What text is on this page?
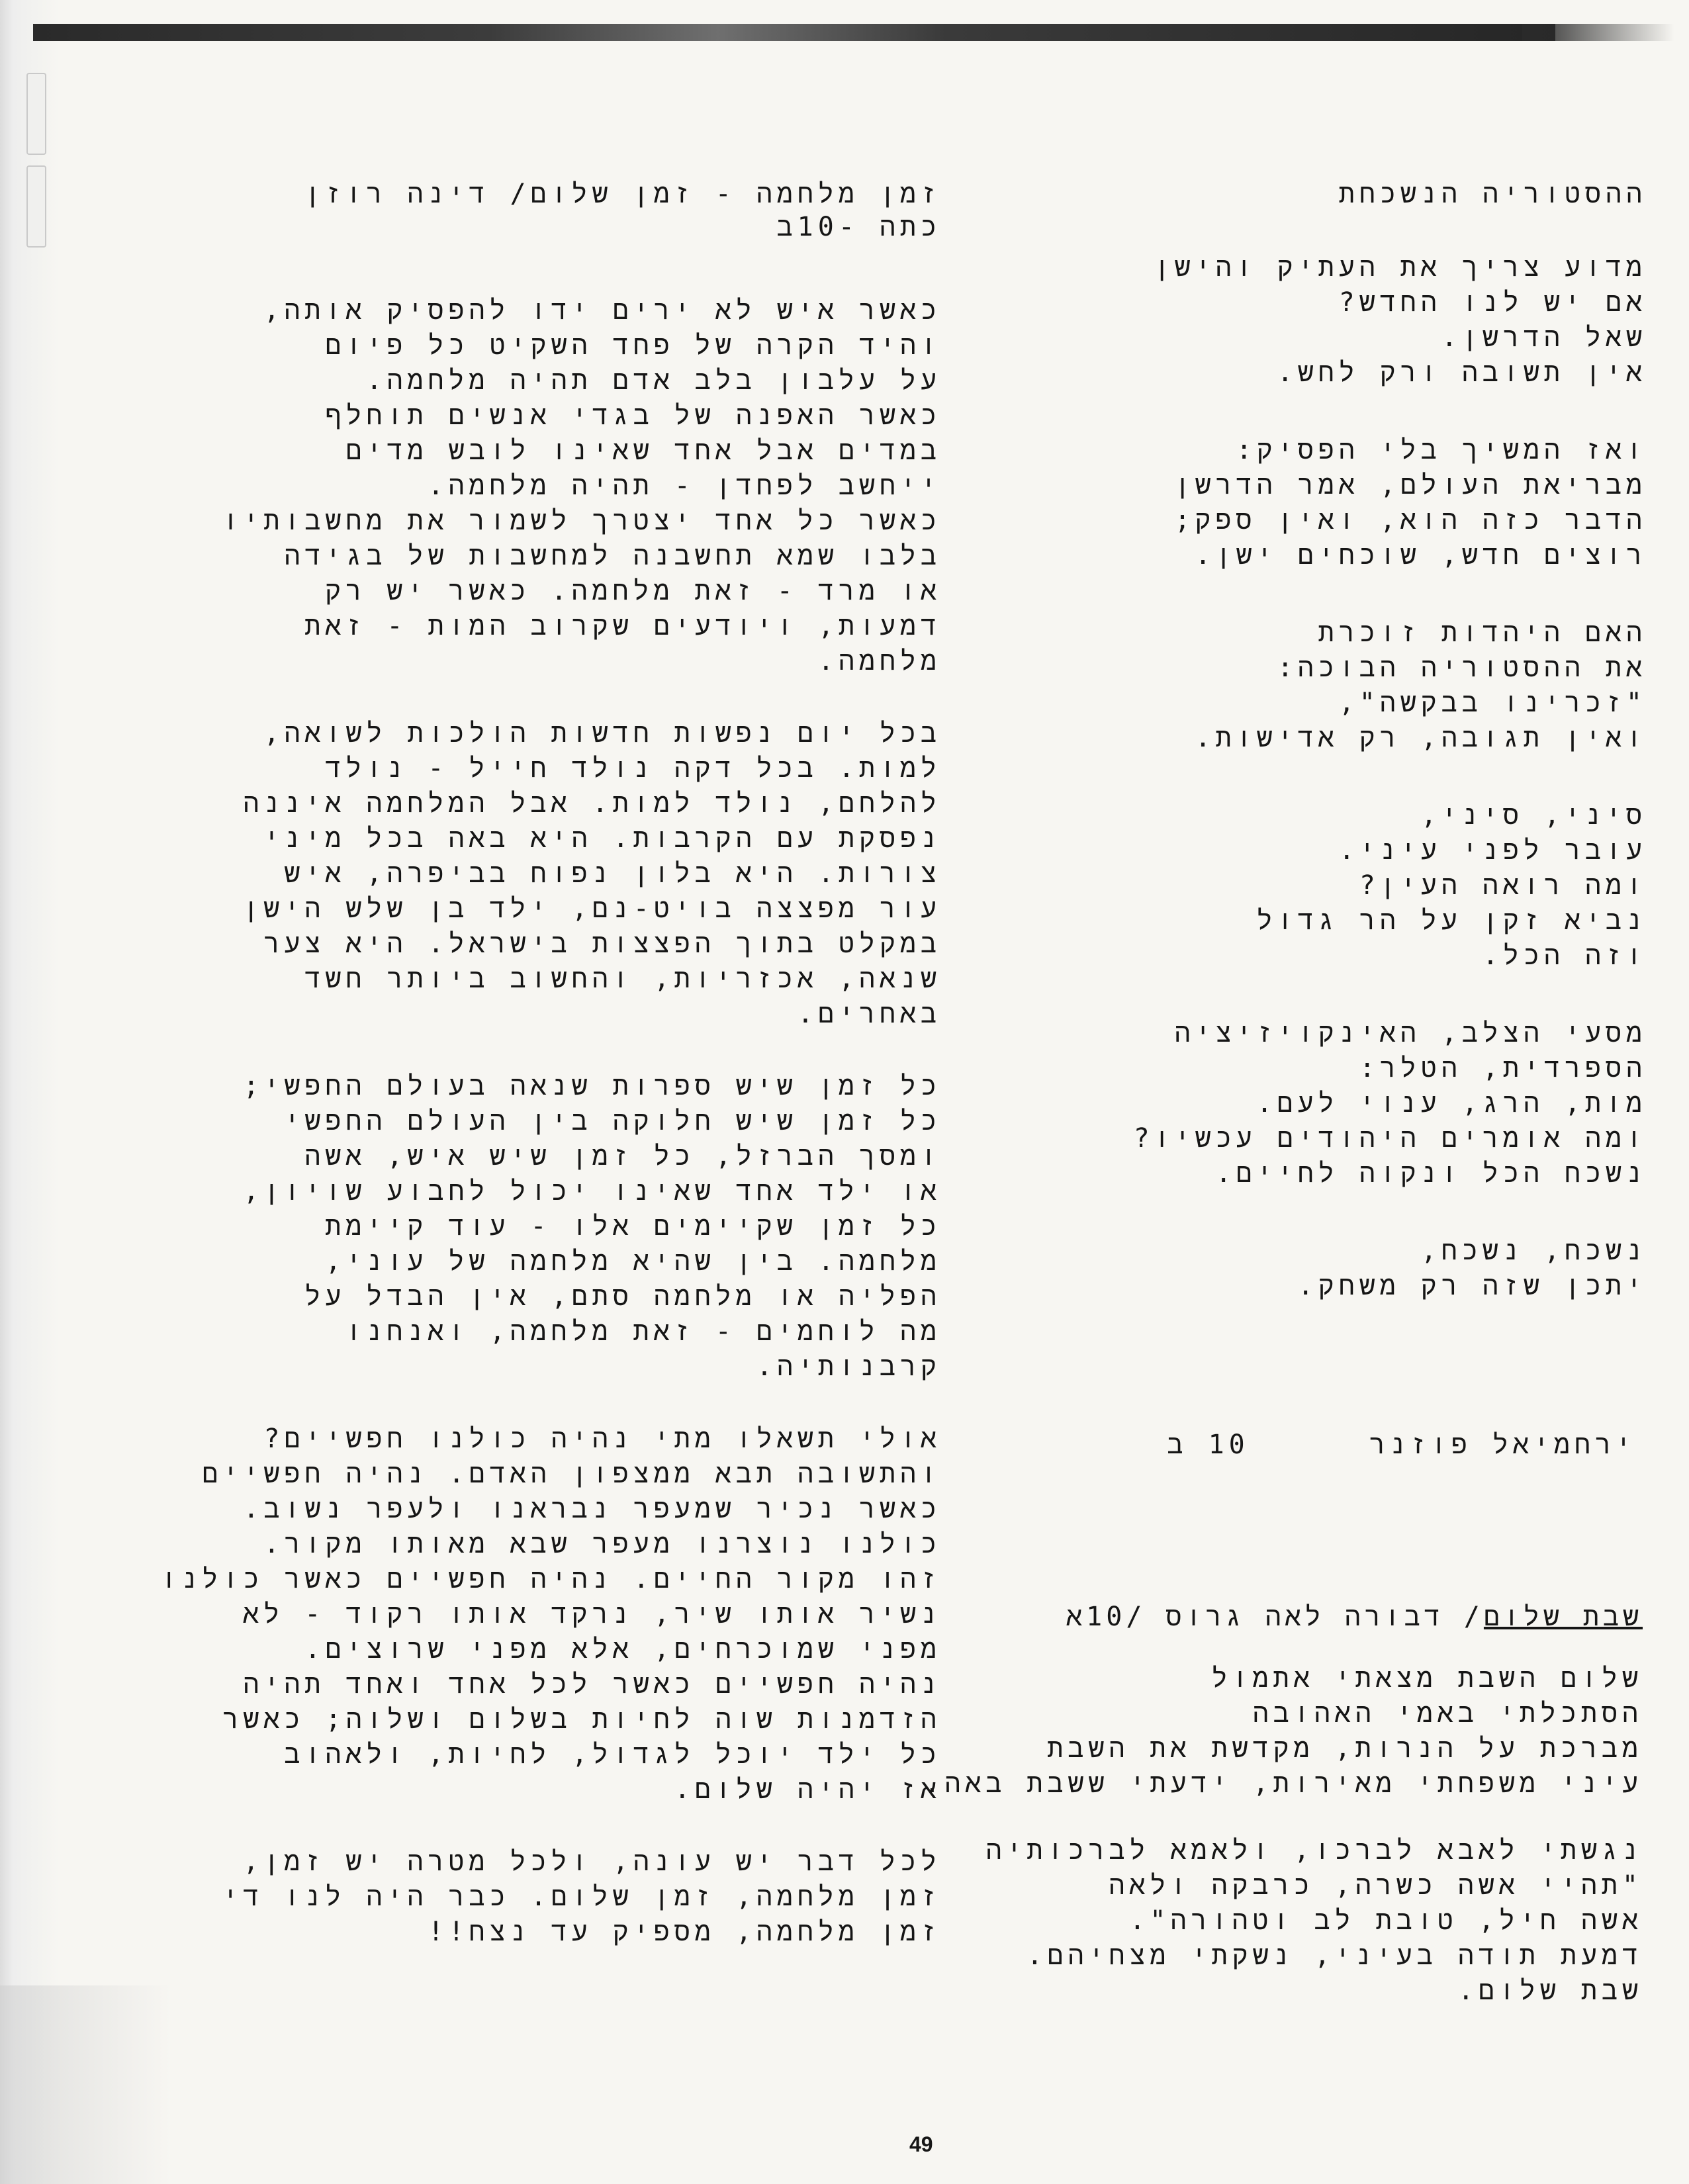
ההסטוריה הנשכחת

מדוע צריך את העתיק והישן

אם יש לנו החדש?

שאל הדרשן.

אין תשובה ורק לחש.

ואז המשיך בלי הפסיק:

מבריאת העולם, אמר הדרשן

הדבר כזה הוא, ואין ספק;

רוצים חדש, שוכחים ישן.

האם היהדות זוכרת

את ההסטוריה הבוכה:

"זכרינו בבקשה",

ואין תגובה, רק אדישות.

סיני, סיני,

עובר לפני עיני.

ומה רואה העין?

נביא זקן על הר גדול

וזה הכל.

מסעי הצלב, האינקויזיציה

הספרדית, הטלר:

מות, הרג, ענוי לעם.

ומה אומרים היהודים עכשיו?

נשכח הכל ונקוה לחיים.

נשכח, נשכח,

יתכן שזה רק משחק.

ירחמיאל פוזנר 10 ב
שבת שלום/ דבורה לאה גרוס /10א

שלום השבת מצאתי אתמול

הסתכלתי באמי האהובה

מברכת על הנרות, מקדשת את השבת

עיני משפחתי מאירות, ידעתי ששבת באה.

נגשתי לאבא לברכו, ולאמא לברכותיה

"תהיי אשה כשרה, כרבקה ולאה

אשה חיל, טובת לב וטהורה".

דמעת תודה בעיני, נשקתי מצחיהם.

שבת שלום.

זמן מלחמה - זמן שלום/ דינה רוזן

כתה -10ב

כאשר איש לא ירים ידו להפסיק אותה,

והיד הקרה של פחד השקיט כל פיום

על עלבון בלב אדם תהיה מלחמה.

כאשר האפנה של בגדי אנשים תוחלף

במדים אבל אחד שאינו לובש מדים

ייחשב לפחדן - תהיה מלחמה.

כאשר כל אחד יצטרך לשמור את מחשבותיו

בלבו שמא תחשבנה למחשבות של בגידה

או מרד - זאת מלחמה. כאשר יש רק

דמעות, ויודעים שקרוב המות - זאת

מלחמה.

בכל יום נפשות חדשות הולכות לשואה,

למות. בכל דקה נולד חייל - נולד

להלחם, נולד למות. אבל המלחמה איננה

נפסקת עם הקרבות. היא באה בכל מיני

צורות. היא בלון נפוח בביפרה, איש

עור מפצצה בויט-נם, ילד בן שלש הישן

במקלט בתוך הפצצות בישראל. היא צער

שנאה, אכזריות, והחשוב ביותר חשד

באחרים.

כל זמן שיש ספרות שנאה בעולם החפשי;

כל זמן שיש חלוקה בין העולם החפשי

ומסך הברזל, כל זמן שיש איש, אשה

או ילד אחד שאינו יכול לחבוע שויון,

כל זמן שקיימים אלו - עוד קיימת

מלחמה. בין שהיא מלחמה של עוני,

הפליה או מלחמה סתם, אין הבדל על

מה לוחמים - זאת מלחמה, ואנחנו

קרבנותיה.

אולי תשאלו מתי נהיה כולנו חפשיים?

והתשובה תבא ממצפון האדם. נהיה חפשיים

כאשר נכיר שמעפר נבראנו ולעפר נשוב.

כולנו נוצרנו מעפר שבא מאותו מקור.

זהו מקור החיים. נהיה חפשיים כאשר כולנו

נשיר אותו שיר, נרקד אותו רקוד - לא

מפני שמוכרחים, אלא מפני שרוצים.

נהיה חפשיים כאשר לכל אחד ואחד תהיה

הזדמנות שוה לחיות בשלום ושלוה; כאשר

כל ילד יוכל לגדול, לחיות, ולאהוב

אז יהיה שלום.

לכל דבר יש עונה, ולכל מטרה יש זמן,

זמן מלחמה, זמן שלום. כבר היה לנו די

זמן מלחמה, מספיק עד נצח!!

49
